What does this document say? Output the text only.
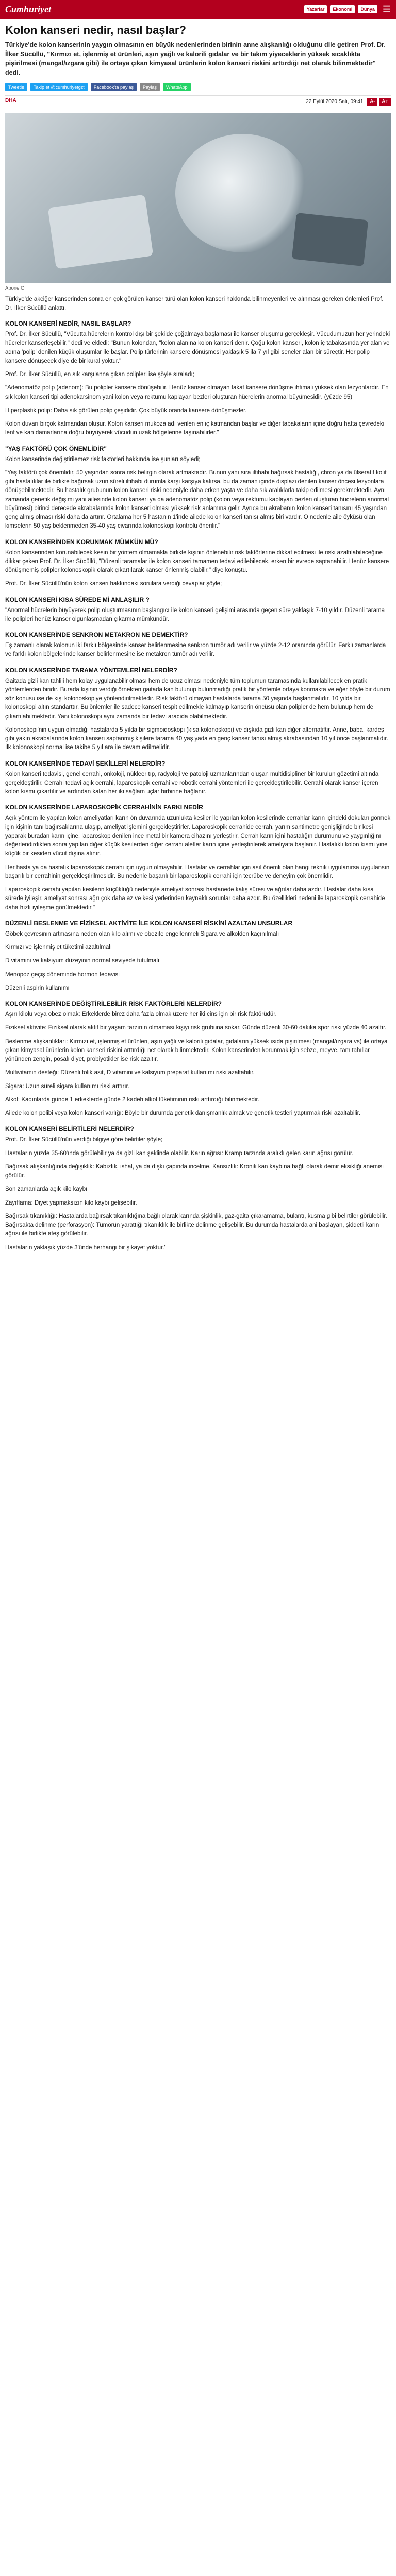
Cumhuriyet	Yazarlar	Ekonomi	Dünya ☰
Kolon kanseri nedir, nasıl başlar?

Türkiye'de kolon kanserinin yaygın olmasının en büyük nedenlerinden birinin anne alışkanlığı olduğunu dile getiren Prof. Dr. İlker Sücüllü, "Kırmızı et, işlenmiş et ürünleri, aşırı yağlı ve kalorili gıdalar ve bir takım yiyeceklerin yüksek sıcaklıkta pişirilmesi (mangal/ızgara gibi) ile ortaya çıkan kimyasal ürünlerin kolon kanseri riskini arttırdığı net olarak bilinmektedir" dedi.

Tweetle	Takip et @cumhuriyetgzt	Facebook'ta paylaş	Paylaş	WhatsApp
DHA	22 Eylül 2020 Salı, 09:41	A-	A+
Abone Ol

Türkiye'de akciğer kanserinden sonra en çok görülen kanser türü olan kolon kanseri hakkında bilinmeyenleri ve alınması gereken önlemleri Prof. Dr. İlker Sücüllü anlattı.

KOLON KANSERİ NEDİR, NASIL BAŞLAR?

Prof. Dr. İlker Sücüllü, "Vücutta hücrelerin kontrol dışı bir şekilde çoğalmaya başlaması ile kanser oluşumu gerçekleşir. Vücudumuzun her yerindeki hücreler kanserleşebilir." dedi ve ekledi: "Bunun kolondan, "kolon alanına kolon kanseri denir. Çoğu kolon kanseri, kolon iç tabakasında yer alan ve adına 'polip' denilen küçük oluşumlar ile başlar. Polip türlerinin kansere dönüşmesi yaklaşık 5 ila 7 yıl gibi seneler alan bir süreçtir. Her polip kansere dönüşecek diye de bir kural yoktur."

Prof. Dr. İlker Sücüllü, en sık karşılanna çıkan polipleri ise şöyle sıraladı;

"Adenomatöz polip (adenom): Bu polipler kansere dönüşebilir. Henüz kanser olmayan fakat kansere dönüşme ihtimali yüksek olan lezyonlardır. En sık kolon kanseri tipi adenokarsinom yani kolon veya rektumu kaplayan bezleri oluşturan hücrelerin anormal büyümesidir. (yüzde 95)

Hiperplastik polip: Daha sık görülen polip çeşididir. Çok büyük oranda kansere dönüşmezler.

Kolon duvarı birçok katmandan oluşur. Kolon kanseri mukoza adı verilen en iç katmandan başlar ve diğer tabakaların içine doğru hatta çevredeki lenf ve kan damarlarına doğru büyüyerek vücudun uzak bölgelerine taşınabilirler."

"YAŞ FAKTÖRÜ ÇOK ÖNEMLİDİR"

Kolon kanserinde değiştirilemez risk faktörleri hakkında ise şunları söyledi;

"Yaş faktörü çok önemlidir, 50 yaşından sonra risk belirgin olarak artmaktadır. Bunun yanı sıra iltihabi bağırsak hastalığı, chron ya da ülseratif kolit gibi hastalıklar ile birlikte bağırsak uzun süreli iltihabi durumla karşı karşıya kalırsa, bu da zaman içinde displazi denilen kanser öncesi lezyonlara dönüşebilmektedir. Bu hastalık grubunun kolon kanseri riski nedeniyle daha erken yaşta ve daha sık aralıklarla takip edilmesi gerekmektedir. Aynı zamanda genetik değişimi yani ailesinde kolon kanseri ya da adenomatöz polip (kolon veya rektumu kaplayan bezleri oluşturan hücrelerin anormal büyümesi) birinci derecede akrabalarında kolon kanseri olması yüksek risk anlamına gelir. Ayrıca bu akrabanın kolon kanseri tanısını 45 yaşından genç almış olması riski daha da artırır. Ortalama her 5 hastanın 1'inde ailede kolon kanseri tanısı almış biri vardır. O nedenle aile öyküsü olan kimselerin 50 yaş beklenmeden 35-40 yaş civarında kolonoskopi kontrolü önerilir."

KOLON KANSERİNDEN KORUNMAK MÜMKÜN MÜ?

Kolon kanserinden korunabilecek kesin bir yöntem olmamakla birlikte kişinin önlenebilir risk faktörlerine dikkat edilmesi ile riski azaltılabileceğine dikkat çeken Prof. Dr. İlker Sücüllü, "Düzenli taramalar ile kolon kanseri tamamen tedavi edilebilecek, erken bir evrede saptanabilir. Henüz kansere dönüşmemiş polipler kolonoskopik olarak çıkartılarak kanser önlenmiş olabilir." diye konuştu.

Prof. Dr. İlker Sücüllü'nün kolon kanseri hakkındaki sorulara verdiği cevaplar şöyle;

KOLON KANSERİ KISA SÜREDE Mİ ANLAŞILIR ?

"Anormal hücrelerin büyüyerek polip oluşturmasının başlangıcı ile kolon kanseri gelişimi arasında geçen süre yaklaşık 7-10 yıldır. Düzenli tarama ile polipleri henüz kanser olgunlaşmadan çıkarma mümkündür.

KOLON KANSERİNDE SENKRON METAKRON NE DEMEKTİR?

Eş zamanlı olarak kolonun iki farklı bölgesinde kanser belirlenmesine senkron tümör adı verilir ve yüzde 2-12 oranında görülür. Farklı zamanlarda ve farklı kolon bölgelerinde kanser belirlenmesine ise metakron tümör adı verilir.

KOLON KANSERİNDE TARAMA YÖNTEMLERİ NELERDİR?

Gaitada gizli kan tahlili hem kolay uygulanabilir olması hem de ucuz olması nedeniyle tüm toplumun taramasında kullanılabilecek en pratik yöntemlerden biridir. Burada kişinin verdiği örnekten gaitada kan bulunup bulunmadığı pratik bir yöntemle ortaya konmakta ve eğer böyle bir durum söz konusu ise de kişi kolonoskopiye yönlendirilmektedir. Risk faktörü olmayan hastalarda tarama 50 yaşında başlanmalıdır. 10 yılda bir kolonoskopi altın standarttır. Bu önlemler ile sadece kanseri tespit edilmekle kalmayıp kanserin öncüsü olan polipler de hem bulunup hem de çıkartılabilmektedir. Yani kolonoskopi aynı zamanda bir tedavi aracıda olabilmektedir.

Kolonoskopi'nin uygun olmadığı hastalarda 5 yılda bir sigmoidoskopi (kısa kolonoskopi) ve dışkıda gizli kan diğer alternatiftir. Anne, baba, kardeş gibi yakın akrabalarında kolon kanseri saptanmış kişilere tarama 40 yaş yada en genç kanser tanısı almış akrabasından 10 yıl önce başlanmalıdır. İlk kolonoskopi normal ise takibe 5 yıl ara ile devam edilmelidir.

KOLON KANSERİNDE TEDAVİ ŞEKİLLERİ NELERDİR?

Kolon kanseri tedavisi, genel cerrahi, onkoloji, nükleer tıp, radyoloji ve patoloji uzmanlarından oluşan multidisipliner bir kurulun gözetimi altında gerçekleştirilir. Cerrahi tedavi açık cerrahi, laparoskopik cerrahi ve robotik cerrahi yöntemleri ile gerçekleştirilebilir. Cerrahi olarak kanser içeren kolon kısmı çıkartılır ve ardından kalan her iki sağlam uçlar birbirine bağlanır.

KOLON KANSERİNDE LAPAROSKOPİK CERRAHİNİN FARKI NEDİR

Açık yöntem ile yapılan kolon ameliyatları karın ön duvarında uzunlukta kesiler ile yapılan kolon kesilerinde cerrahlar karın içindeki dokuları görmek için kişinin tanı bağırsaklarına ulaşıp, ameliyat işlemini gerçekleştirirler. Laparoskopik cerrahide cerrah, yarım santimetre genişliğinde bir kesi yaparak buradan karın içine, laparoskop denilen ince metal bir kamera cihazını yerleştirir. Cerrah karın içini hastalığın durumunu ve yaygınlığını değerlendirdikten sonra yapılan diğer küçük kesilerden diğer cerrahi aletler karın içine yerleştirilerek ameliyata başlanır. Hastalıklı kolon kısmı yine küçük bir kesiden vücut dışına alınır.

Her hasta ya da hastalık laparoskopik cerrahi için uygun olmayabilir. Hastalar ve cerrahlar için asıl önemli olan hangi teknik uygulanırsa uygulansın başarılı bir cerrahinin gerçekleştirilmesidir. Bu nedenle başarılı bir laparoskopik cerrahi için tecrübe ve deneyim çok önemlidir.

Laparoskopik cerrahi yapılan kesilerin küçüklüğü nedeniyle ameliyat sonrası hastanede kalış süresi ve ağrılar daha azdır. Hastalar daha kısa sürede iyileşir, ameliyat sonrası ağrı çok daha az ve kesi yerlerinden kaynaklı sorunlar daha azdır. Bu özellikleri nedeni ile laparoskopik cerrahide daha hızlı iyileşme görülmektedir."

DÜZENLİ BESLENME VE FİZİKSEL AKTİVİTE İLE KOLON KANSERİ RİSKİNİ AZALTAN UNSURLAR

Göbek çevresinin artmasına neden olan kilo alımı ve obezite engellenmeli Sigara ve alkolden kaçınılmalı

Kırmızı ve işlenmiş et tüketimi azaltılmalı

D vitamini ve kalsiyum düzeyinin normal seviyede tutulmalı

Menopoz geçiş döneminde hormon tedavisi

Düzenli aspirin kullanımı

KOLON KANSERİNDE DEĞİŞTİRİLEBİLİR RİSK FAKTÖRLERİ NELERDİR?

Aşırı kilolu veya obez olmak: Erkeklerde birez daha fazla olmak üzere her iki cins için bir risk faktörüdür.

Fiziksel aktivite: Fiziksel olarak aktif bir yaşam tarzının olmaması kişiyi risk grubuna sokar. Günde düzenli 30-60 dakika spor riski yüzde 40 azaltır.

Beslenme alışkanlıkları: Kırmızı et, işlenmiş et ürünleri, aşırı yağlı ve kalorili gıdalar, gıdaların yüksek ısıda pişirilmesi (mangal/ızgara vs) ile ortaya çıkan kimyasal ürünlerin kolon kanseri riskini arttırdığı net olarak bilinmektedir. Kolon kanserinden korunmak için sebze, meyve, tam tahıllar yönünden zengin, posalı diyet, probiyotikler ise risk azaltır.

Multivitamin desteği: Düzenli folik asit, D vitamini ve kalsiyum preparat kullanımı riski azaltabilir.

Sigara: Uzun süreli sigara kullanımı riski arttırır.

Alkol: Kadınlarda günde 1 erkeklerde günde 2 kadeh alkol tüketiminin riski arttırdığı bilinmektedir.

Ailede kolon polibi veya kolon kanseri varlığı: Böyle bir durumda genetik danışmanlık almak ve genetik testleri yaptırmak riski azaltabilir.

KOLON KANSERİ BELİRTİLERİ NELERDİR?

Prof. Dr. İlker Sücüllü'nün verdiği bilgiye göre belirtiler şöyle;

Hastaların yüzde 35-60'ında görülebilir ya da gizli kan şeklinde olabilir. Karın ağrısı: Kramp tarzında aralıklı gelen karın ağrısı görülür.

Bağırsak alışkanlığında değişiklik: Kabızlık, ishal, ya da dışkı çapında incelme. Kansızlık: Kronik kan kaybına bağlı olarak demir eksikliği anemisi görülür.

Son zamanlarda açık kilo kaybı

Zayıflama: Diyet yapmaksızın kilo kaybı gelişebilir.

Bağırsak tıkanıklığı: Hastalarda bağırsak tıkanıklığına bağlı olarak karında şişkinlik, gaz-gaita çıkaramama, bulantı, kusma gibi belirtiler görülebilir. Bağırsakta delinme (perforasyon): Tümörün yarattığı tıkanıklık ile birlikte delinme gelişebilir. Bu durumda hastalarda ani başlayan, şiddetli karın ağrısı ile birlikte ateş görülebilir.

Hastaların yaklaşık yüzde 3'ünde herhangi bir şikayet yoktur."
